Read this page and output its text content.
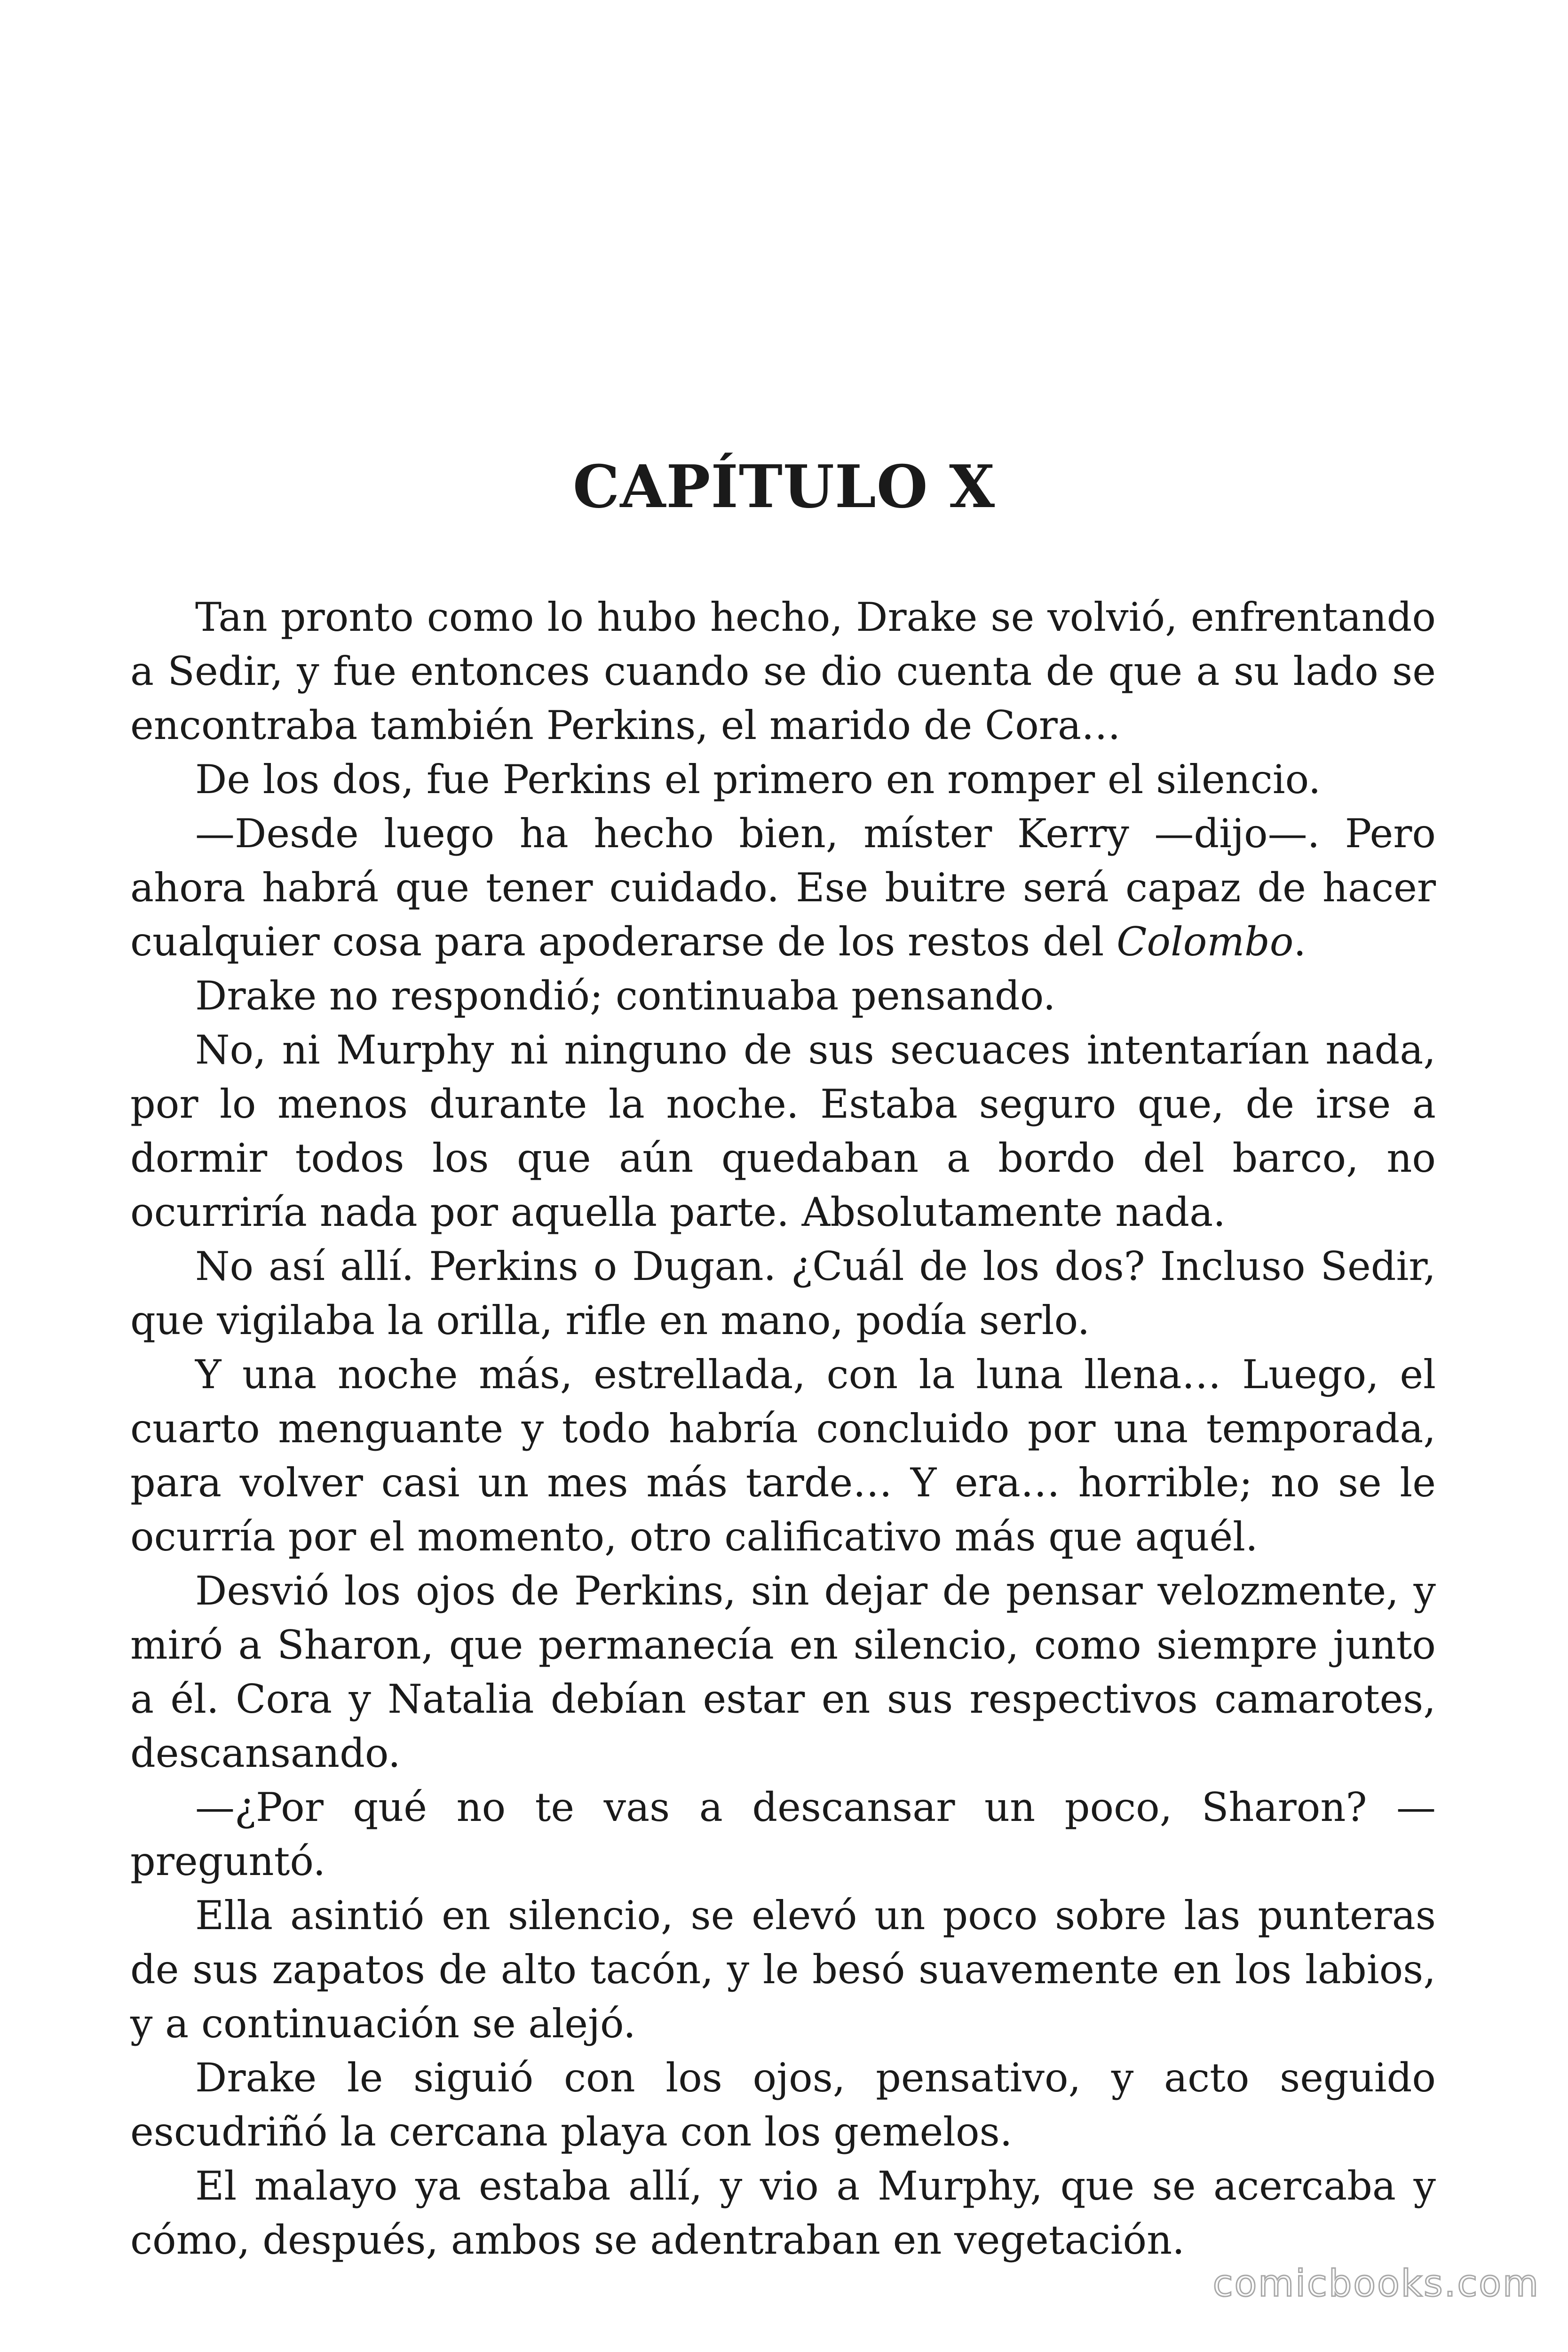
CAPÍTULO X

Tan pronto como lo hubo hecho, Drake se volvió, enfrentando a Sedir, y fue entonces cuando se dio cuenta de que a su lado se encontraba también Perkins, el marido de Cora…

De los dos, fue Perkins el primero en romper el silencio.

—Desde luego ha hecho bien, míster Kerry —dijo—. Pero ahora habrá que tener cuidado. Ese buitre será capaz de hacer cualquier cosa para apoderarse de los restos del Colombo.

Drake no respondió; continuaba pensando.

No, ni Murphy ni ninguno de sus secuaces intentarían nada, por lo menos durante la noche. Estaba seguro que, de irse a dormir todos los que aún quedaban a bordo del barco, no ocurriría nada por aquella parte. Absolutamente nada.

No así allí. Perkins o Dugan. ¿Cuál de los dos? Incluso Sedir, que vigilaba la orilla, rifle en mano, podía serlo.

Y una noche más, estrellada, con la luna llena… Luego, el cuarto menguante y todo habría concluido por una temporada, para volver casi un mes más tarde… Y era… horrible; no se le ocurría por el momento, otro calificativo más que aquél.

Desvió los ojos de Perkins, sin dejar de pensar velozmente, y miró a Sharon, que permanecía en silencio, como siempre junto a él. Cora y Natalia debían estar en sus respectivos camarotes, descansando.

—¿Por qué no te vas a descansar un poco, Sharon? —preguntó.

Ella asintió en silencio, se elevó un poco sobre las punteras de sus zapatos de alto tacón, y le besó suavemente en los labios, y a continuación se alejó.

Drake le siguió con los ojos, pensativo, y acto seguido escudriñó la cercana playa con los gemelos.

El malayo ya estaba allí, y vio a Murphy, que se acercaba y cómo, después, ambos se adentraban en vegetación.

comicbooks.com
